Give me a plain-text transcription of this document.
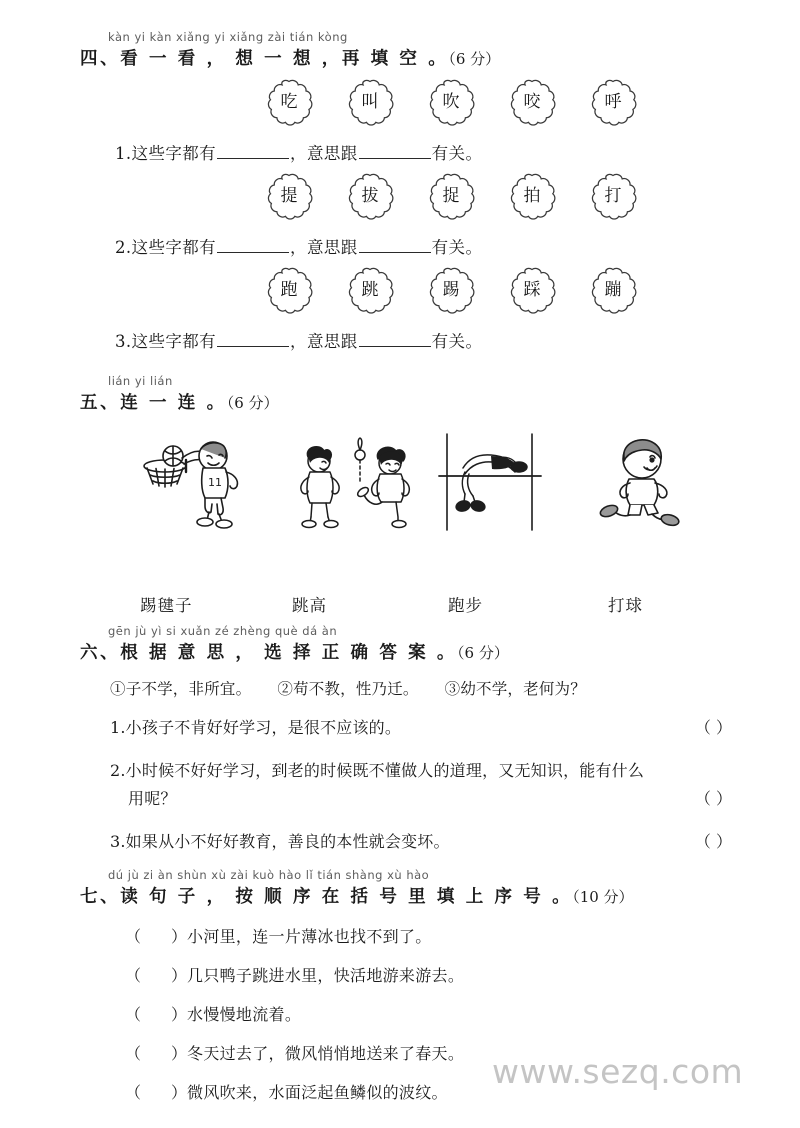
kàn yi kàn xiǎng yi xiǎng zài tián kòng
四、看 一 看 ， 想 一 想 ，再 填 空 。（6 分）
吃	叫	吹	咬	呼
1.这些字都有	，意思跟	有关。
提	拔	捉	拍	打
2.这些字都有	，意思跟	有关。
跑	跳	踢	踩	蹦
3.这些字都有	，意思跟	有关。
lián yi lián
五、连 一 连 。（6 分）
11
踢毽子	跳高	跑步	打球
gēn jù yì si xuǎn zé zhèng què dá àn
六、根 据 意 思 ， 选 择 正 确 答 案 。（6 分）
①子不学，非所宜。 ②苟不教，性乃迁。 ③幼不学，老何为？
1.小孩子不肯好好学习，是很不应该的。	（ ）
2.小时候不好好学习，到老的时候既不懂做人的道理，又无知识，能有什么
用呢？	（ ）
3.如果从小不好好教育，善良的本性就会变坏。	（ ）
dú jù zi àn shùn xù zài kuò hào lǐ tián shàng xù hào
七、读 句 子 ， 按 顺 序 在 括 号 里 填 上 序 号 。（10 分）
（ ）小河里，连一片薄冰也找不到了。
（ ）几只鸭子跳进水里，快活地游来游去。
（ ）水慢慢地流着。
（ ）冬天过去了，微风悄悄地送来了春天。
（ ）微风吹来，水面泛起鱼鳞似的波纹。
www.sezq.com
